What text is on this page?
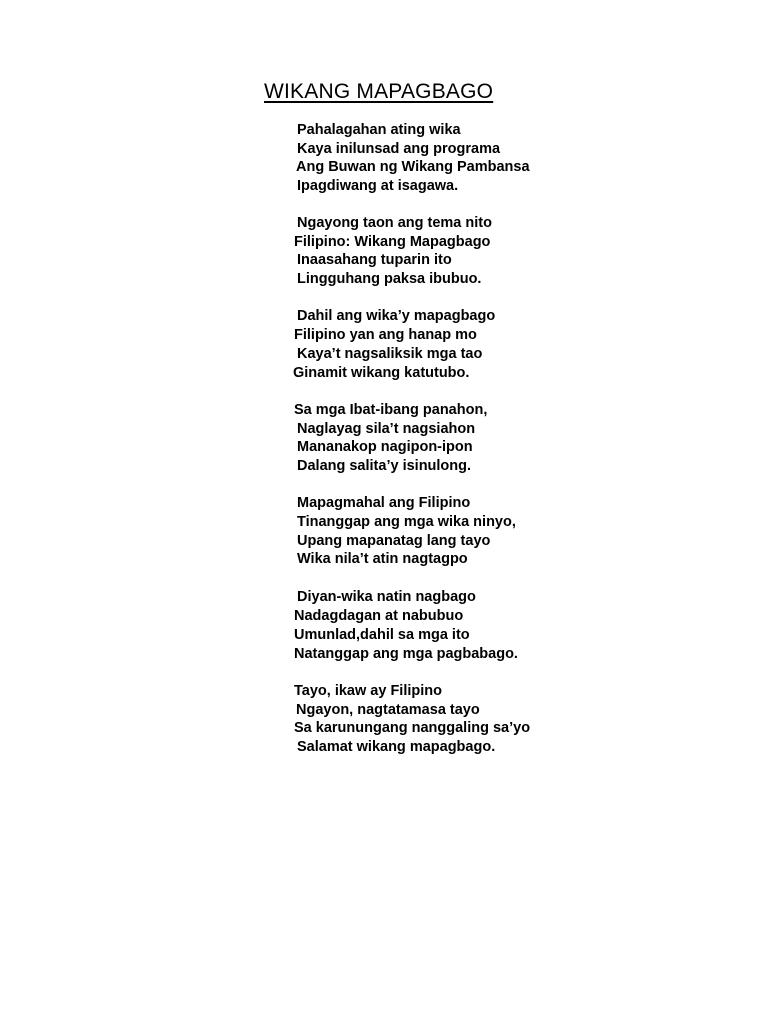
WIKANG MAPAGBAGO
Pahalagahan ating wika
Kaya inilunsad ang programa
Ang Buwan ng Wikang Pambansa
Ipagdiwang at isagawa.
Ngayong taon ang tema nito
Filipino: Wikang Mapagbago
Inaasahang tuparin ito
Lingguhang paksa ibubuo.
Dahil ang wika’y mapagbago
Filipino yan ang hanap mo
Kaya’t nagsaliksik mga tao
Ginamit wikang katutubo.
Sa mga Ibat-ibang panahon,
Naglayag sila’t nagsiahon
Mananakop nagipon-ipon
Dalang salita’y isinulong.
Mapagmahal ang Filipino
Tinanggap ang mga wika ninyo,
Upang mapanatag lang tayo
Wika nila’t atin nagtagpo
Diyan-wika natin nagbago
Nadagdagan at nabubuo
Umunlad,dahil sa mga ito
Natanggap ang mga pagbabago.
Tayo, ikaw ay Filipino
Ngayon, nagtatamasa tayo
Sa karunungang nanggaling sa’yo
Salamat wikang mapagbago.
